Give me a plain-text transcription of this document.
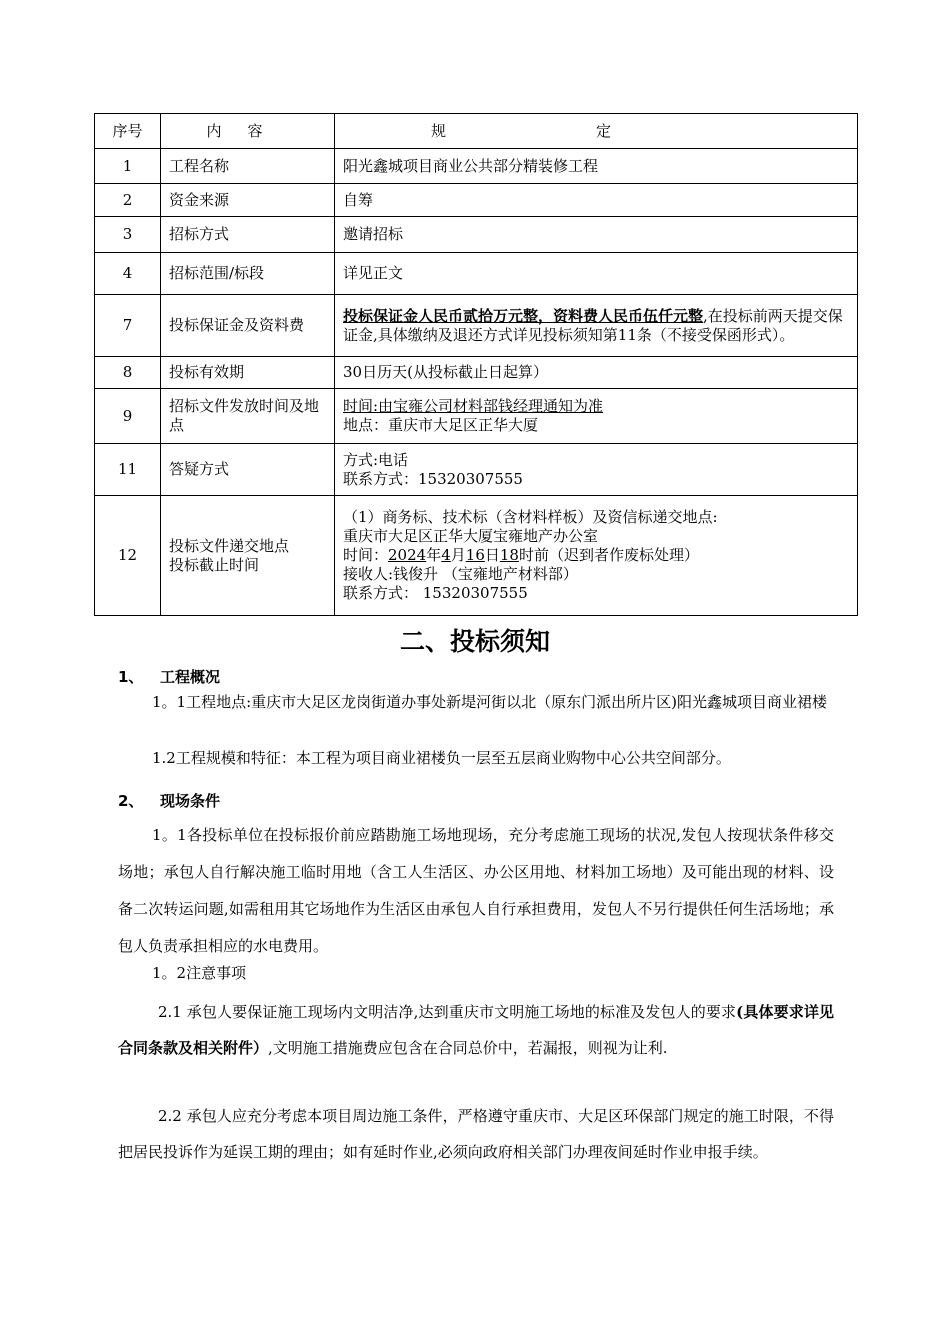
序号	内容	规定
1	工程名称	阳光鑫城项目商业公共部分精装修工程
2	资金来源	自筹
3	招标方式	邀请招标
4	招标范围/标段	详见正文
7	投标保证金及资料费	投标保证金人民币贰拾万元整，资料费人民币伍仟元整,在投标前两天提交保证金,具体缴纳及退还方式详见投标须知第11条（不接受保函形式）。
8	投标有效期	30日历天(从投标截止日起算）
9	招标文件发放时间及地点	时间:由宝雍公司材料部钱经理通知为准
地点：重庆市大足区正华大厦

11	答疑方式	方式:电话
联系方式：15320307555

12	投标文件递交地点
投标截止时间	（1）商务标、技术标（含材料样板）及资信标递交地点:
重庆市大足区正华大厦宝雍地产办公室
时间：2024年4月16日18时前（迟到者作废标处理）
接收人:钱俊升 （宝雍地产材料部）
联系方式： 15320307555
二、投标须知
1、 工程概况
1。1工程地点:重庆市大足区龙岗街道办事处新堤河街以北（原东门派出所片区)阳光鑫城项目商业裙楼
1.2工程规模和特征：本工程为项目商业裙楼负一层至五层商业购物中心公共空间部分。
2、 现场条件
1。1各投标单位在投标报价前应踏勘施工场地现场，充分考虑施工现场的状况,发包人按现状条件移交场地；承包人自行解决施工临时用地（含工人生活区、办公区用地、材料加工场地）及可能出现的材料、设备二次转运问题,如需租用其它场地作为生活区由承包人自行承担费用，发包人不另行提供任何生活场地；承包人负责承担相应的水电费用。
1。2注意事项
2.1 承包人要保证施工现场内文明洁净,达到重庆市文明施工场地的标准及发包人的要求(具体要求详见合同条款及相关附件）,文明施工措施费应包含在合同总价中，若漏报，则视为让利.
2.2 承包人应充分考虑本项目周边施工条件，严格遵守重庆市、大足区环保部门规定的施工时限，不得把居民投诉作为延误工期的理由；如有延时作业,必须向政府相关部门办理夜间延时作业申报手续。
